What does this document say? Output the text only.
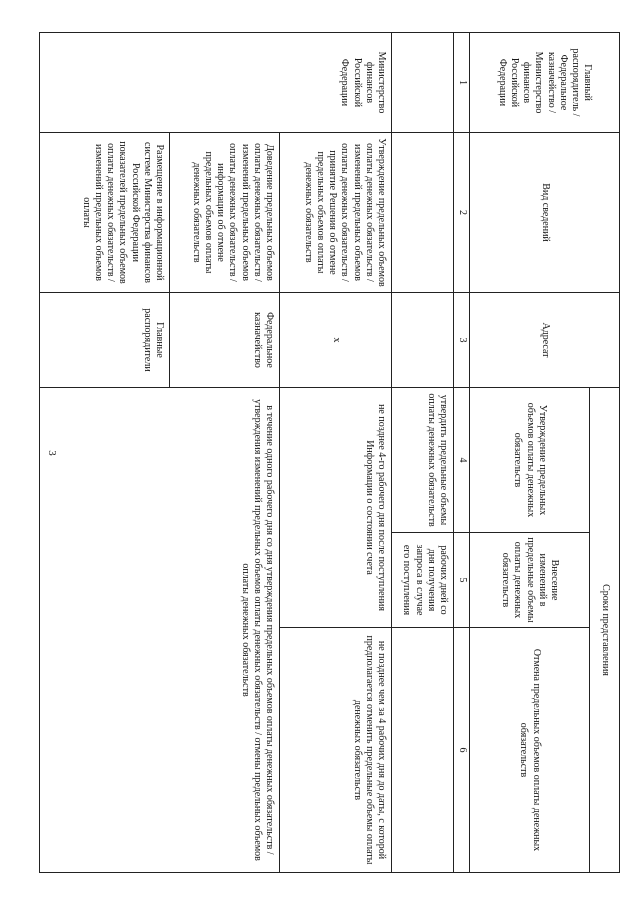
3
Главный распорядитель / Федеральное казначейство / Министерство финансов Российской Федерации	Вид сведений	Адресат	Сроки представления		
			Утверждение предельных объемов оплаты денежных обязательств	Внесение изменений в предельные объемы оплаты денежных обязательств	Отмена предельных объемов оплаты денежных обязательств
1	2	3	4	5	6
			утвердить предельные объемы оплаты денежных обязательств	рабочих дней со дня получения запроса в случае его поступления	
Министерство финансов Российской Федерации	Утверждение предельных объемов оплаты денежных обязательств / изменений предельных объемов оплаты денежных обязательств / принятие Решения об отмене предельных объемов оплаты денежных обязательств	х	не позднее 4-го рабочего дня после поступления Информации о состоянии счета		не позднее чем за 4 рабочих дня до даты, с которой предполагается отменить предельные объемы оплаты денежных обязательств
	Доведение предельных объемов оплаты денежных обязательств / изменений предельных объемов оплаты денежных обязательств / информации об отмене предельных объемов оплаты денежных обязательств	Федеральное казначейство	в течение одного рабочего дня со дня утверждения предельных объемов оплаты денежных обязательств / утверждения изменений предельных объемов оплаты денежных обязательств / отмены предельных объемов оплаты денежных обязательств		
	Размещение в информационной системе Министерства финансов Российской Федерации показателей предельных объемов оплаты денежных обязательств / изменений предельных объемов оплаты	Главные распорядители			
